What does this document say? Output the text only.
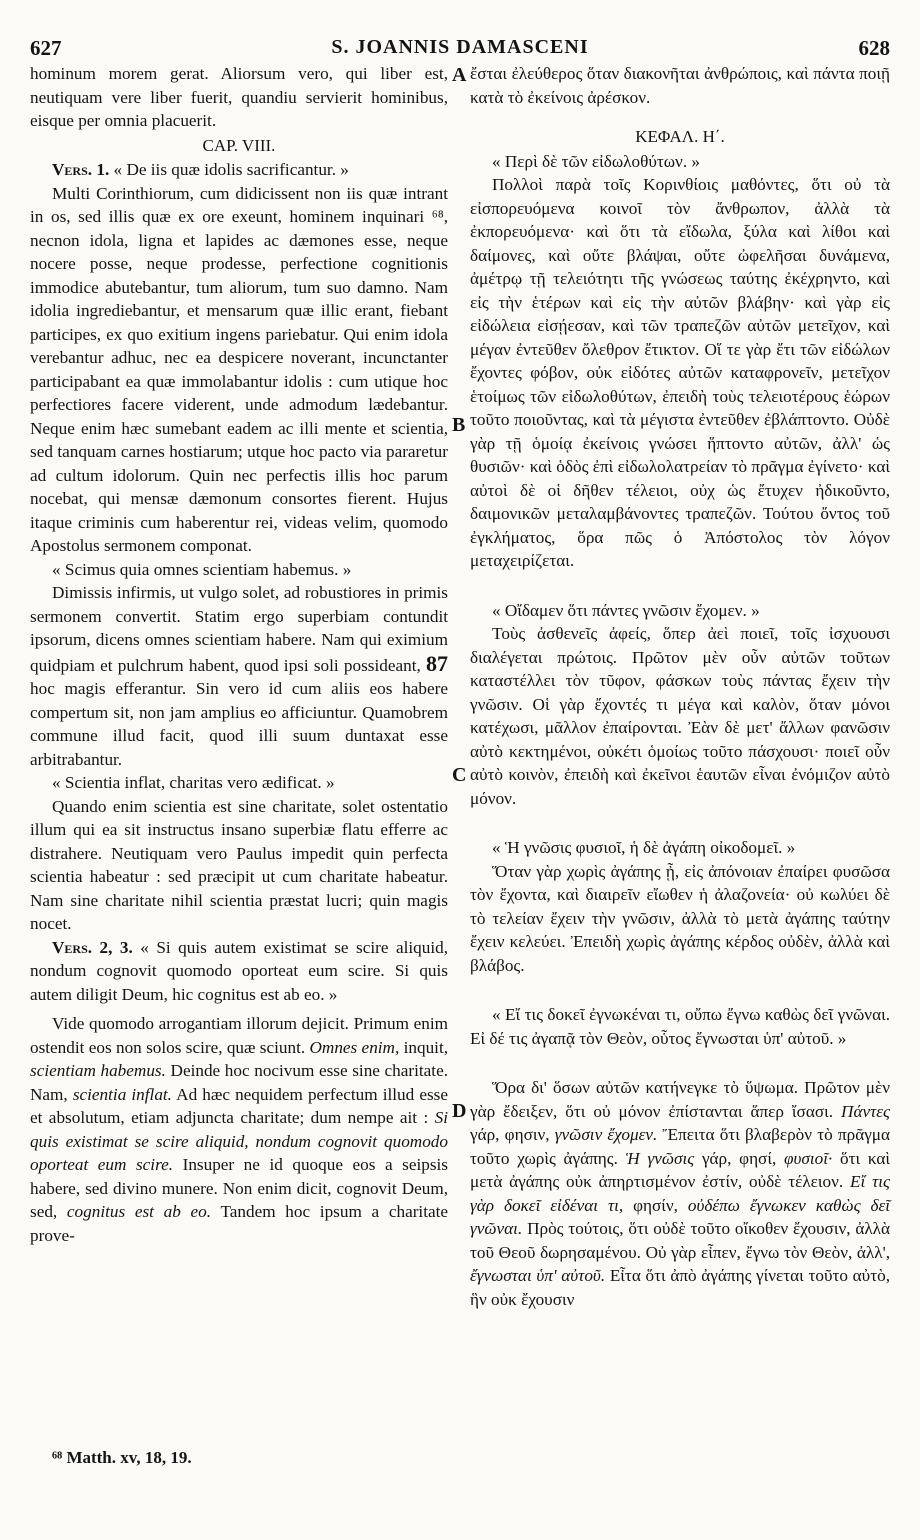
627	S. JOANNIS DAMASCENI	628

hominum morem gerat. Aliorsum vero, qui liber est, neutiquam vere liber fuerit, quandiu servierit hominibus, eisque per omnia placuerit.

CAP. VIII.

Vers. 1. « De iis quæ idolis sacrificantur. »

Multi Corinthiorum, cum didicissent non iis quæ intrant in os, sed illis quæ ex ore exeunt, hominem inquinari ⁶⁸, necnon idola, ligna et lapides ac dæmones esse, neque nocere posse, neque prodesse, perfectione cognitionis immodice abutebantur, tum aliorum, tum suo damno. Nam idolia ingrediebantur, et mensarum quæ illic erant, fiebant participes, ex quo exitium ingens pariebatur. Qui enim idola verebantur adhuc, nec ea despicere noverant, incunctanter participabant ea quæ immolabantur idolis : cum utique hoc perfectiores facere viderent, unde admodum lædebantur. Neque enim hæc sumebant eadem ac illi mente et scientia, sed tanquam carnes hostiarum; utque hoc pacto via pararetur ad cultum idolorum. Quin nec perfectis illis hoc parum nocebat, qui mensæ dæmonum consortes fierent. Hujus itaque criminis cum haberentur rei, videas velim, quomodo Apostolus sermonem componat.

« Scimus quia omnes scientiam habemus. »

Dimissis infirmis, ut vulgo solet, ad robustiores in primis sermonem convertit. Statim ergo superbiam contundit ipsorum, dicens omnes scientiam habere. Nam qui eximium quidpiam et pulchrum habent, quod ipsi soli possideant, 87 hoc magis efferantur. Sin vero id cum aliis eos habere compertum sit, non jam amplius eo afficiuntur. Quamobrem commune illud facit, quod illi suum duntaxat esse arbitrabantur.

« Scientia inflat, charitas vero ædificat. »

Quando enim scientia est sine charitate, solet ostentatio illum qui ea sit instructus insano superbiæ flatu efferre ac distrahere. Neutiquam vero Paulus impedit quin perfecta scientia habeatur : sed præcipit ut cum charitate habeatur. Nam sine charitate nihil scientia præstat lucri; quin magis nocet.

Vers. 2, 3. « Si quis autem existimat se scire aliquid, nondum cognovit quomodo oporteat eum scire. Si quis autem diligit Deum, hic cognitus est ab eo. »

Vide quomodo arrogantiam illorum dejicit. Primum enim ostendit eos non solos scire, quæ sciunt. Omnes enim, inquit, scientiam habemus. Deinde hoc nocivum esse sine charitate. Nam, scientia inflat. Ad hæc nequidem perfectum illud esse et absolutum, etiam adjuncta charitate; dum nempe ait : Si quis existimat se scire aliquid, nondum cognovit quomodo oporteat eum scire. Insuper ne id quoque eos a seipsis habere, sed divino munere. Non enim dicit, cognovit Deum, sed, cognitus est ab eo. Tandem hoc ipsum a charitate prove-

A
B
C
D

ἔσται ἐλεύθερος ὅταν διακονῆται ἀνθρώποις, καὶ πάντα ποιῇ κατὰ τὸ ἐκείνοις ἀρέσκον.

ΚΕΦΑΛ. Η΄.

« Περὶ δὲ τῶν εἰδωλοθύτων. »

Πολλοὶ παρὰ τοῖς Κορινθίοις μαθόντες, ὅτι οὐ τὰ εἰσπορευόμενα κοινοῖ τὸν ἄνθρωπον, ἀλλὰ τὰ ἐκπορευόμενα· καὶ ὅτι τὰ εἴδωλα, ξύλα καὶ λίθοι καὶ δαίμονες, καὶ οὔτε βλάψαι, οὔτε ὠφελῆσαι δυνάμενα, ἀμέτρῳ τῇ τελειότητι τῆς γνώσεως ταύτης ἐκέχρηντο, καὶ εἰς τὴν ἑτέρων καὶ εἰς τὴν αὐτῶν βλάβην· καὶ γὰρ εἰς εἰδώλεια εἰσῄεσαν, καὶ τῶν τραπεζῶν αὐτῶν μετεῖχον, καὶ μέγαν ἐντεῦθεν ὄλεθρον ἔτικτον. Οἵ τε γὰρ ἔτι τῶν εἰδώλων ἔχοντες φόβον, οὐκ εἰδότες αὐτῶν καταφρονεῖν, μετεῖχον ἑτοίμως τῶν εἰδωλοθύτων, ἐπειδὴ τοὺς τελειοτέρους ἑώρων τοῦτο ποιοῦντας, καὶ τὰ μέγιστα ἐντεῦθεν ἐβλάπτοντο. Οὐδὲ γὰρ τῇ ὁμοίᾳ ἐκείνοις γνώσει ἥπτοντο αὐτῶν, ἀλλ' ὡς θυσιῶν· καὶ ὁδὸς ἐπὶ εἰδωλολατρείαν τὸ πρᾶγμα ἐγίνετο· καὶ αὐτοὶ δὲ οἱ δῆθεν τέλειοι, οὐχ ὡς ἔτυχεν ἠδικοῦντο, δαιμονικῶν μεταλαμβάνοντες τραπεζῶν. Τούτου ὄντος τοῦ ἐγκλήματος, ὅρα πῶς ὁ Ἀπόστολος τὸν λόγον μεταχειρίζεται.

« Οἴδαμεν ὅτι πάντες γνῶσιν ἔχομεν. »

Τοὺς ἀσθενεῖς ἀφείς, ὅπερ ἀεὶ ποιεῖ, τοῖς ἰσχυουσι διαλέγεται πρώτοις. Πρῶτον μὲν οὖν αὐτῶν τοῦτων καταστέλλει τὸν τῦφον, φάσκων τοὺς πάντας ἔχειν τὴν γνῶσιν. Οἱ γὰρ ἔχοντές τι μέγα καὶ καλὸν, ὅταν μόνοι κατέχωσι, μᾶλλον ἐπαίρονται. Ἐὰν δὲ μετ' ἄλλων φανῶσιν αὐτὸ κεκτημένοι, οὐκέτι ὁμοίως τοῦτο πάσχουσι· ποιεῖ οὖν αὐτὸ κοινὸν, ἐπειδὴ καὶ ἐκεῖνοι ἑαυτῶν εἶναι ἐνόμιζον αὐτὸ μόνον.

« Ἡ γνῶσις φυσιοῖ, ἡ δὲ ἀγάπη οἰκοδομεῖ. »

Ὅταν γὰρ χωρὶς ἀγάπης ᾖ, εἰς ἀπόνοιαν ἐπαίρει φυσῶσα τὸν ἔχοντα, καὶ διαιρεῖν εἴωθεν ἡ ἀλαζονεία· οὐ κωλύει δὲ τὸ τελείαν ἔχειν τὴν γνῶσιν, ἀλλὰ τὸ μετὰ ἀγάπης ταύτην ἔχειν κελεύει. Ἐπειδὴ χωρὶς ἀγάπης κέρδος οὐδὲν, ἀλλὰ καὶ βλάβος.

« Εἴ τις δοκεῖ ἐγνωκέναι τι, οὔπω ἔγνω καθὼς δεῖ γνῶναι. Εἰ δέ τις ἀγαπᾷ τὸν Θεὸν, οὗτος ἔγνωσται ὑπ' αὐτοῦ. »

Ὅρα δι' ὅσων αὐτῶν κατήνεγκε τὸ ὕψωμα. Πρῶτον μὲν γὰρ ἔδειξεν, ὅτι οὐ μόνον ἐπίστανται ἅπερ ἴσασι. Πάντες γάρ, φησιν, γνῶσιν ἔχομεν. Ἔπειτα ὅτι βλαβερὸν τὸ πρᾶγμα τοῦτο χωρὶς ἀγάπης. Ἡ γνῶσις γάρ, φησί, φυσιοῖ· ὅτι καὶ μετὰ ἀγάπης οὐκ ἀπηρτισμένον ἐστίν, οὐδὲ τέλειον. Εἴ τις γὰρ δοκεῖ εἰδέναι τι, φησίν, οὐδέπω ἔγνωκεν καθὼς δεῖ γνῶναι. Πρὸς τούτοις, ὅτι οὐδὲ τοῦτο οἴκοθεν ἔχουσιν, ἀλλὰ τοῦ Θεοῦ δωρησαμένου. Οὐ γὰρ εἶπεν, ἔγνω τὸν Θεὸν, ἀλλ', ἔγνωσται ὑπ' αὐτοῦ. Εἶτα ὅτι ἀπὸ ἀγάπης γίνεται τοῦτο αὐτὸ, ἣν οὐκ ἔχουσιν

⁶⁸ Matth. xv, 18, 19.
